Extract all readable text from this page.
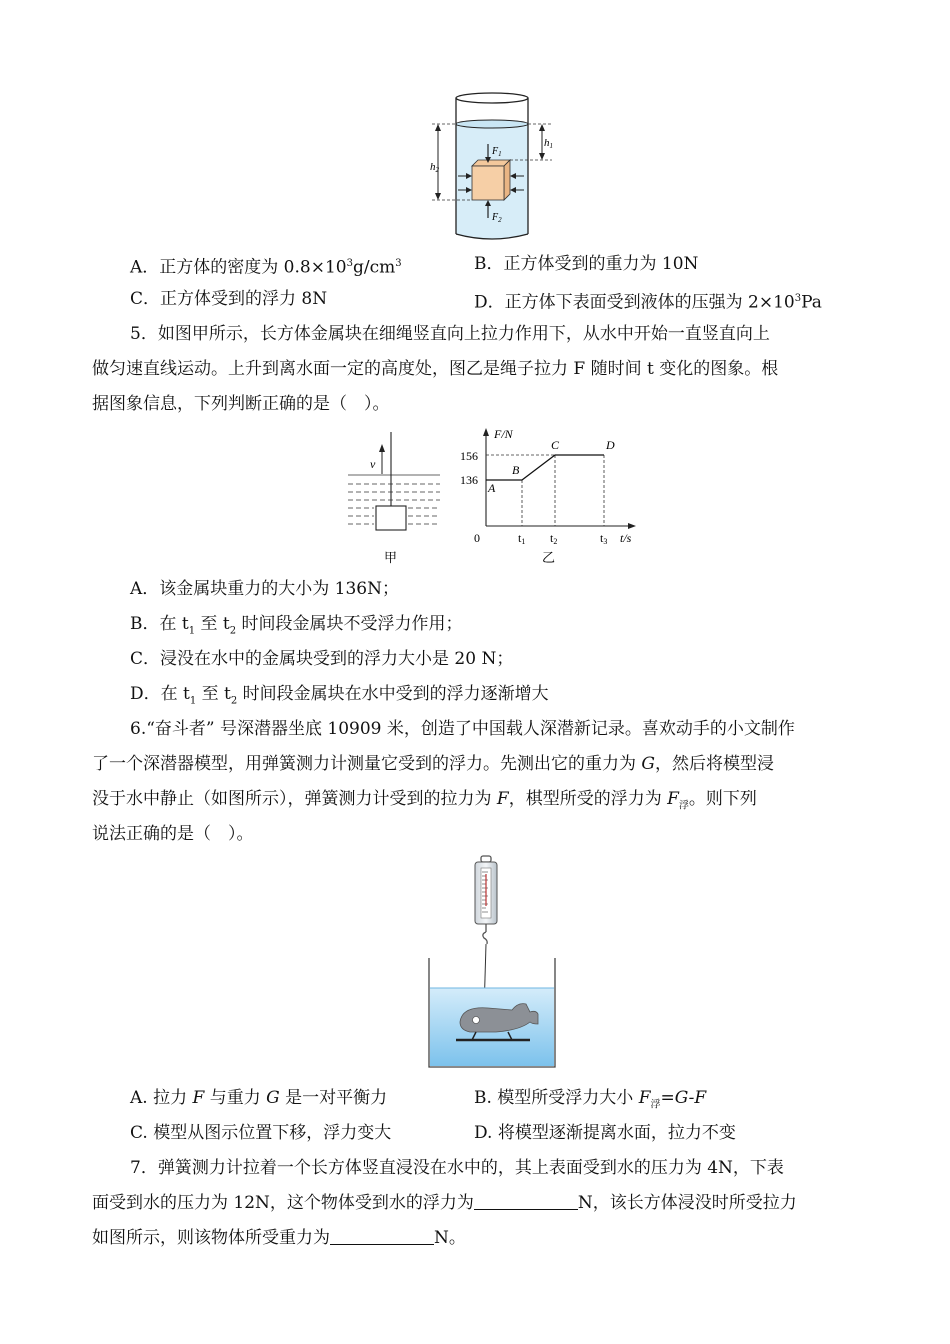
h2
h1
$F_1$
$F_2$
A．正方体的密度为 $0.8\times 10^3g/cm^3$	B．正方体受到的重力为 10N
C．正方体受到的浮力 8N	D．正方体下表面受到液体的压强为 $2\times 10^3Pa$
5．如图甲所示，长方体金属块在细绳竖直向上拉力作用下，从水中开始一直竖直向上
做匀速直线运动。上升到离水面一定的高度处，图乙是绳子拉力 F 随时间 t 变化的图象。根
据图象信息，下列判断正确的是（　）。
v
甲
F/N
t/s
0
156
136
t1 t2	t3
乙
A
B
C	D
A．该金属块重力的大小为 136N；
B．在 $t_1$ 至 $t_2$ 时间段金属块不受浮力作用；
C．浸没在水中的金属块受到的浮力大小是 20 N；
D．在 $t_1$ 至 $t_2$ 时间段金属块在水中受到的浮力逐渐增大
6.“奋斗者” 号深潜器坐底 10909 米，创造了中国载人深潜新记录。喜欢动手的小文制作
了一个深潜器模型，用弹簧测力计测量它受到的浮力。先测出它的重力为 G，然后将模型浸
没于水中静止（如图所示），弹簧测力计受到的拉力为 F，棋型所受的浮力为 $F_浮$。则下列
说法正确的是（　）。
A. 拉力 F 与重力 G 是一对平衡力	B. 模型所受浮力大小 $F_浮=G-F$
C. 模型从图示位置下移，浮力变大	D. 将模型逐渐提离水面，拉力不变
7．弹簧测力计拉着一个长方体竖直浸没在水中的，其上表面受到水的压力为 4N，下表
面受到水的压力为 12N，这个物体受到水的浮力为	N，该长方体浸没时所受拉力
如图所示，则该物体所受重力为	N。
